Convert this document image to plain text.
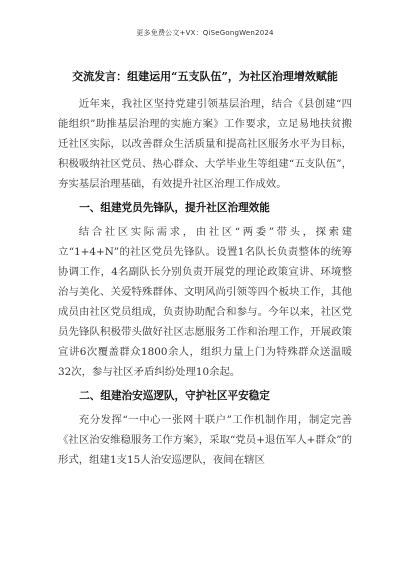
更多免费公文+VX：QiSeGongWen2024
交流发言：组建运用“五支队伍”，为社区治理增效赋能

近年来，我社区坚持党建引领基层治理，结合《县创建“四能组织”助推基层治理的实施方案》工作要求，立足易地扶贫搬迁社区实际，以改善群众生活质量和提高社区服务水平为目标，积极吸纳社区党员、热心群众、大学毕业生等组建“五支队伍”，夯实基层治理基础，有效提升社区治理工作成效。

一、组建党员先锋队，提升社区治理效能

结合社区实际需求，由社区“两委”带头，探索建立“1+4+N”的社区党员先锋队。设置1名队长负责整体的统筹协调工作，4名副队长分别负责开展党的理论政策宣讲、环境整治与美化、关爱特殊群体、文明风尚引领等四个板块工作，其他成员由社区党员组成，负责协助配合和参与。今年以来，社区党员先锋队积极带头做好社区志愿服务工作和治理工作，开展政策宣讲6次覆盖群众1800余人，组织力量上门为特殊群众送温暖32次，参与社区矛盾纠纷处理10余起。

二、组建治安巡逻队，守护社区平安稳定

充分发挥“一中心一张网十联户”工作机制作用，制定完善《社区治安维稳服务工作方案》，采取“党员+退伍军人+群众”的形式，组建1支15人治安巡逻队，夜间在辖区
